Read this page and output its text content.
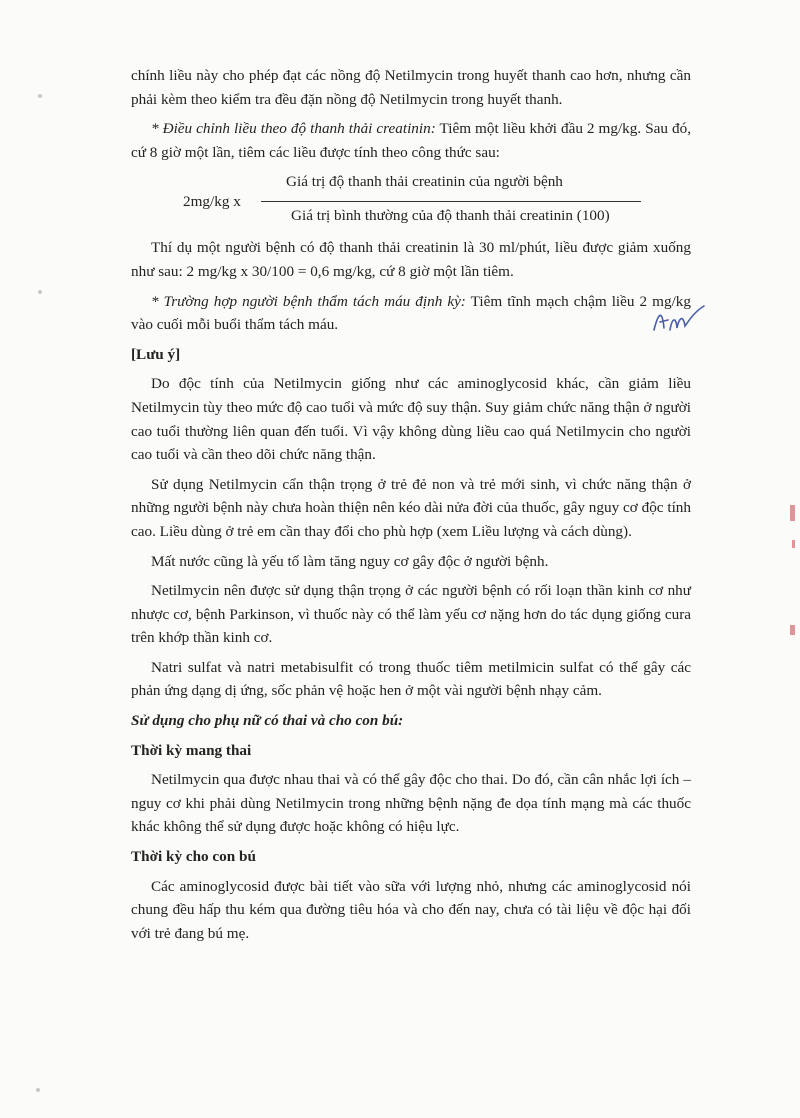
chính liều này cho phép đạt các nồng độ Netilmycin trong huyết thanh cao hơn, nhưng cần phải kèm theo kiểm tra đều đặn nồng độ Netilmycin trong huyết thanh.

* Điều chỉnh liều theo độ thanh thải creatinin: Tiêm một liều khởi đầu 2 mg/kg. Sau đó, cứ 8 giờ một lần, tiêm các liều được tính theo công thức sau:

2mg/kg x
Giá trị độ thanh thải creatinin của người bệnh
Giá trị bình thường của độ thanh thải creatinin (100)

Thí dụ một người bệnh có độ thanh thải creatinin là 30 ml/phút, liều được giảm xuống như sau: 2 mg/kg x 30/100 = 0,6 mg/kg, cứ 8 giờ một lần tiêm.

* Trường hợp người bệnh thẩm tách máu định kỳ: Tiêm tĩnh mạch chậm liều 2 mg/kg vào cuối mỗi buổi thẩm tách máu.

[Lưu ý]

Do độc tính của Netilmycin giống như các aminoglycosid khác, cần giảm liều Netilmycin tùy theo mức độ cao tuổi và mức độ suy thận. Suy giảm chức năng thận ở người cao tuổi thường liên quan đến tuổi. Vì vậy không dùng liều cao quá Netilmycin cho người cao tuổi và cần theo dõi chức năng thận.

Sử dụng Netilmycin cẩn thận trọng ở trẻ đẻ non và trẻ mới sinh, vì chức năng thận ở những người bệnh này chưa hoàn thiện nên kéo dài nửa đời của thuốc, gây nguy cơ độc tính cao. Liều dùng ở trẻ em cần thay đổi cho phù hợp (xem Liều lượng và cách dùng).

Mất nước cũng là yếu tố làm tăng nguy cơ gây độc ở người bệnh.

Netilmycin nên được sử dụng thận trọng ở các người bệnh có rối loạn thần kinh cơ như nhược cơ, bệnh Parkinson, vì thuốc này có thể làm yếu cơ nặng hơn do tác dụng giống cura trên khớp thần kinh cơ.

Natri sulfat và natri metabisulfit có trong thuốc tiêm metilmicin sulfat có thể gây các phản ứng dạng dị ứng, sốc phản vệ hoặc hen ở một vài người bệnh nhạy cảm.

Sử dụng cho phụ nữ có thai và cho con bú:

Thời kỳ mang thai

Netilmycin qua được nhau thai và có thể gây độc cho thai. Do đó, cần cân nhắc lợi ích – nguy cơ khi phải dùng Netilmycin trong những bệnh nặng đe dọa tính mạng mà các thuốc khác không thể sử dụng được hoặc không có hiệu lực.

Thời kỳ cho con bú

Các aminoglycosid được bài tiết vào sữa với lượng nhỏ, nhưng các aminoglycosid nói chung đều hấp thu kém qua đường tiêu hóa và cho đến nay, chưa có tài liệu về độc hại đối với trẻ đang bú mẹ.
